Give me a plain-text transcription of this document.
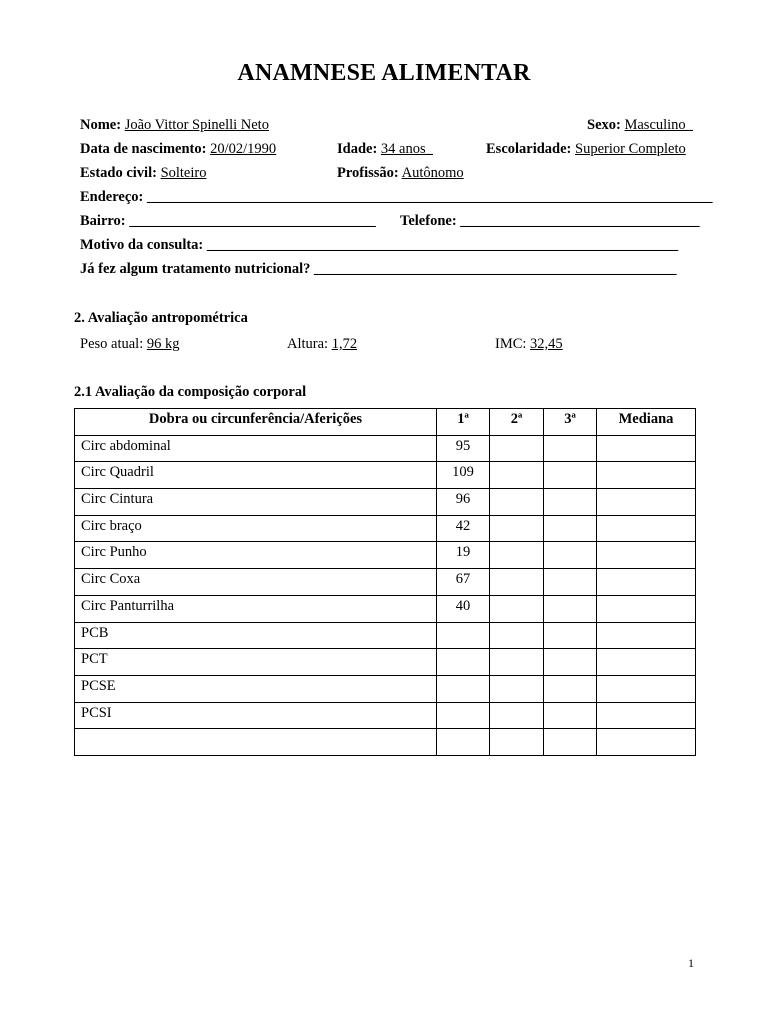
ANAMNESE ALIMENTAR
Nome: João Vittor Spinelli Neto	Sexo: Masculino_
Data de nascimento: 20/02/1990	Idade: 34 anos_	Escolaridade: Superior Completo
Estado civil: Solteiro	Profissão: Autônomo
Endereço: ______________________________________________________________________________
Bairro: __________________________________ Telefone: _________________________________
Motivo da consulta: _________________________________________________________________
Já fez algum tratamento nutricional? __________________________________________________
2. Avaliação antropométrica
Peso atual: 96 kg	Altura: 1,72	IMC: 32,45
2.1 Avaliação da composição corporal
Dobra ou circunferência/Aferições	1ª	2ª	3ª	Mediana
Circ abdominal	95			
Circ Quadril	109			
Circ Cintura	96			
Circ braço	42			
Circ Punho	19			
Circ Coxa	67			
Circ Panturrilha	40			
PCB				
PCT				
PCSE				
PCSI				

1
